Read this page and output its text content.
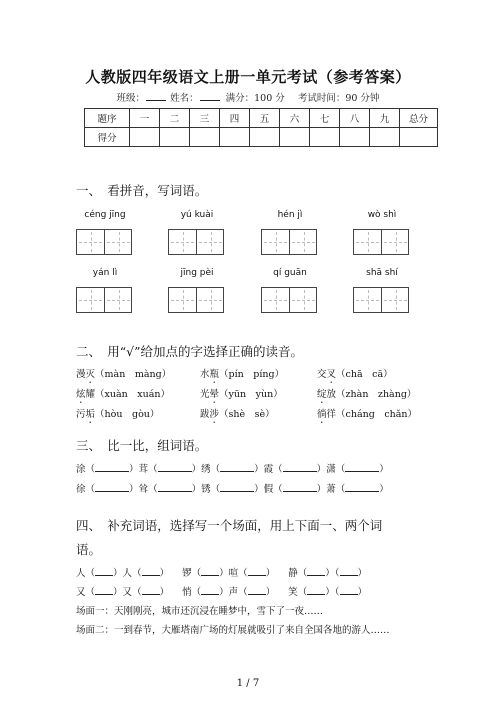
人教版四年级语文上册一单元考试（参考答案）
班级：	姓名：	满分：100 分 考试时间：90 分钟
题序	一	二	三	四	五	六	七	八	九	总分
得分										
一、　看拼音，写词语。
céng jīng	yú kuài	hén jì	wò shì
yán lì	jīng pèi	qí guān	shā shí
二、　用“√”给加点的字选择正确的读音。
漫灭（màn　màng）	水瓶（pín　píng）	交叉（chā　cā）
炫耀（xuàn　xuán）	光晕（yūn　yùn）	绽放（zhàn　zhàng）
污垢（hòu　gòu）	跋涉（shè　sè）	徜徉（cháng　chǎn）
三、　比一比，组词语。
涂（	）茸（	）绣（	）霞（	）潇（	）
徐（	）耸（	）锈（	）假（	）萧（	）
四、　补充词语，选择写一个场面，用上下面一、两个词
语。
人（ ）人（ ） 锣（ ）喧（ ） 静（ ）（ ）
又（ ）又（ ） 悄（ ）声（ ） 笑（ ）（ ）
场面一：天刚刚亮，城市还沉浸在睡梦中，雪下了一夜……
场面二：一到春节，大雁塔南广场的灯展就吸引了来自全国各地的游人……
1 / 7
